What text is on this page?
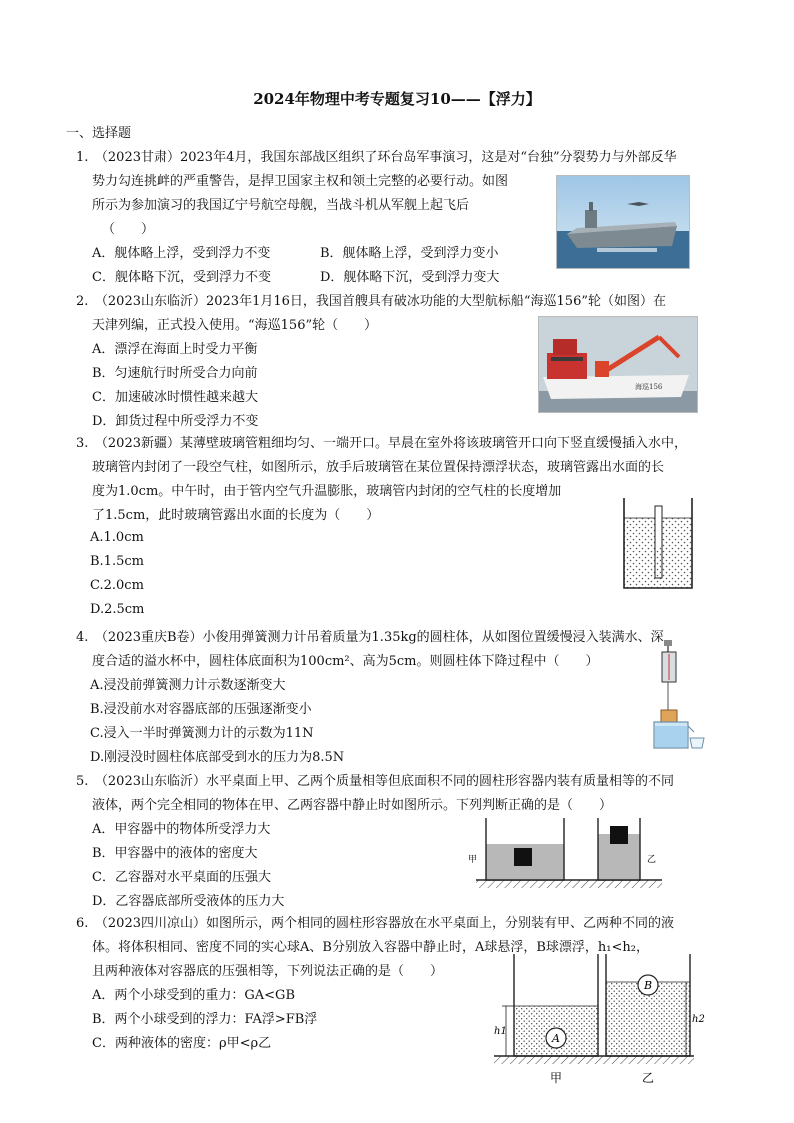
2024年物理中考专题复习10——【浮力】
一、选择题
1.　（2023甘肃）2023年4月，我国东部战区组织了环台岛军事演习，这是对“台独”分裂势力与外部反华
势力勾连挑衅的严重警告，是捍卫国家主权和领土完整的必要行动。如图
所示为参加演习的我国辽宁号航空母舰，当战斗机从军舰上起飞后
（　　）
A．舰体略上浮，受到浮力不变	B．舰体略上浮，受到浮力变小
C．舰体略下沉，受到浮力不变	D．舰体略下沉，受到浮力变大
2.　（2023山东临沂）2023年1月16日，我国首艘具有破冰功能的大型航标船“海巡156”轮（如图）在
天津列编，正式投入使用。“海巡156”轮（　　）
A．漂浮在海面上时受力平衡
B．匀速航行时所受合力向前
C．加速破冰时惯性越来越大
D．卸货过程中所受浮力不变
海巡156
3.　（2023新疆）某薄壁玻璃管粗细均匀、一端开口。早晨在室外将该玻璃管开口向下竖直缓慢插入水中，
玻璃管内封闭了一段空气柱，如图所示，放手后玻璃管在某位置保持漂浮状态，玻璃管露出水面的长
度为1.0cm。中午时，由于管内空气升温膨胀，玻璃管内封闭的空气柱的长度增加
了1.5cm，此时玻璃管露出水面的长度为（　　）
A.1.0cm
B.1.5cm
C.2.0cm
D.2.5cm
4.　（2023重庆B卷）小俊用弹簧测力计吊着质量为1.35kg的圆柱体，从如图位置缓慢浸入装满水、深
度合适的溢水杯中，圆柱体底面积为100cm²、高为5cm。则圆柱体下降过程中（　　）
A.浸没前弹簧测力计示数逐渐变大
B.浸没前水对容器底部的压强逐渐变小
C.浸入一半时弹簧测力计的示数为11N
D.刚浸没时圆柱体底部受到水的压力为8.5N
5.　（2023山东临沂）水平桌面上甲、乙两个质量相等但底面积不同的圆柱形容器内装有质量相等的不同
液体，两个完全相同的物体在甲、乙两容器中静止时如图所示。下列判断正确的是（　　）
A．甲容器中的物体所受浮力大
B．甲容器中的液体的密度大
C．乙容器对水平桌面的压强大
D．乙容器底部所受液体的压力大
甲	乙
6.　（2023四川凉山）如图所示，两个相同的圆柱形容器放在水平桌面上，分别装有甲、乙两种不同的液
体。将体积相同、密度不同的实心球A、B分别放入容器中静止时，A球悬浮，B球漂浮，h₁<h₂，
且两种液体对容器底的压强相等，下列说法正确的是（　　）
A．两个小球受到的重力：GA<GB
B．两个小球受到的浮力：FA浮>FB浮
C．两种液体的密度：ρ甲<ρ乙	A
B
h1
h2
甲	乙
